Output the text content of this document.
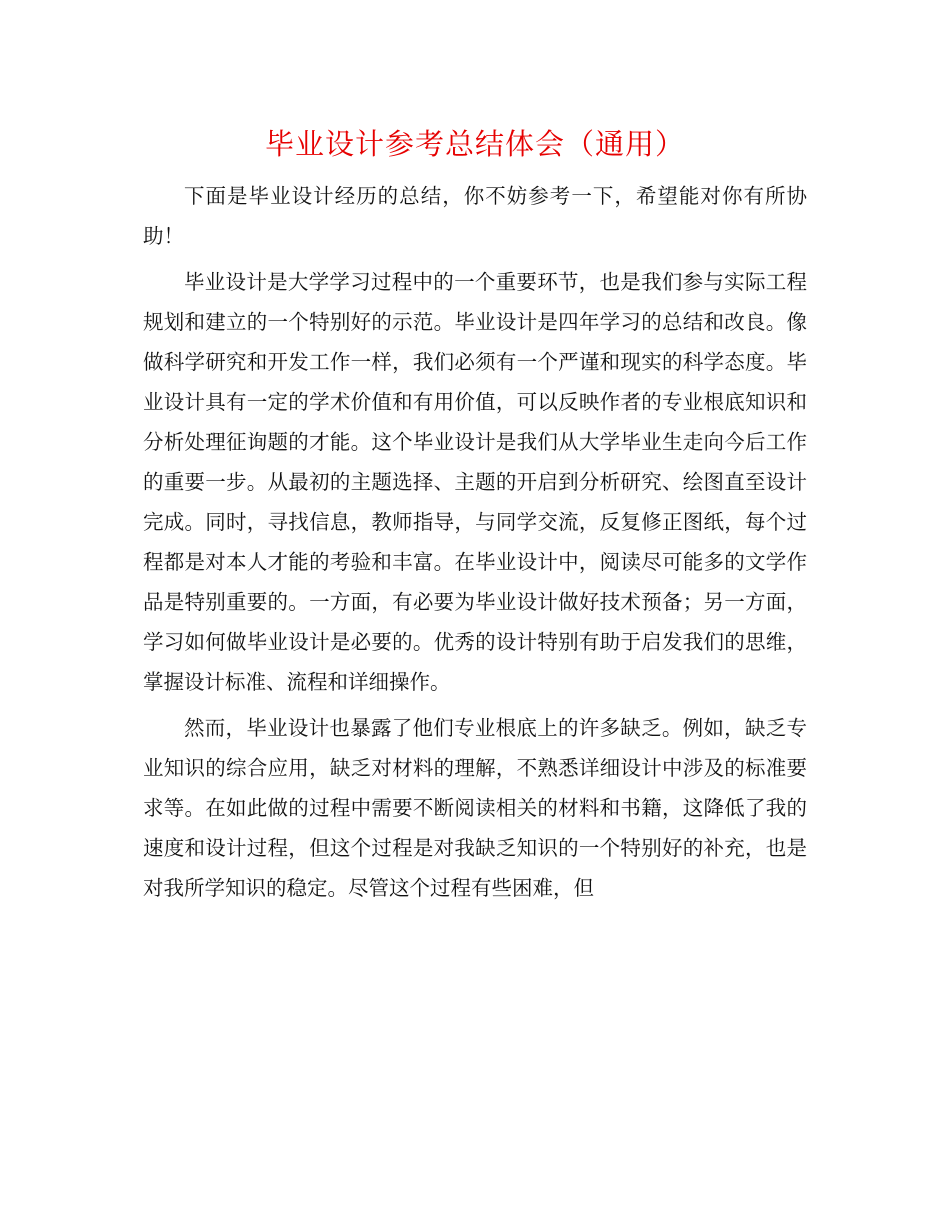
毕业设计参考总结体会（通用）

下面是毕业设计经历的总结，你不妨参考一下，希望能对你有所协助！

毕业设计是大学学习过程中的一个重要环节，也是我们参与实际工程规划和建立的一个特别好的示范。毕业设计是四年学习的总结和改良。像做科学研究和开发工作一样，我们必须有一个严谨和现实的科学态度。毕业设计具有一定的学术价值和有用价值，可以反映作者的专业根底知识和分析处理征询题的才能。这个毕业设计是我们从大学毕业生走向今后工作的重要一步。从最初的主题选择、主题的开启到分析研究、绘图直至设计完成。同时，寻找信息，教师指导，与同学交流，反复修正图纸，每个过程都是对本人才能的考验和丰富。在毕业设计中，阅读尽可能多的文学作品是特别重要的。一方面，有必要为毕业设计做好技术预备；另一方面，学习如何做毕业设计是必要的。优秀的设计特别有助于启发我们的思维，掌握设计标准、流程和详细操作。

然而，毕业设计也暴露了他们专业根底上的许多缺乏。例如，缺乏专业知识的综合应用，缺乏对材料的理解，不熟悉详细设计中涉及的标准要求等。在如此做的过程中需要不断阅读相关的材料和书籍，这降低了我的速度和设计过程，但这个过程是对我缺乏知识的一个特别好的补充，也是对我所学知识的稳定。尽管这个过程有些困难，但
